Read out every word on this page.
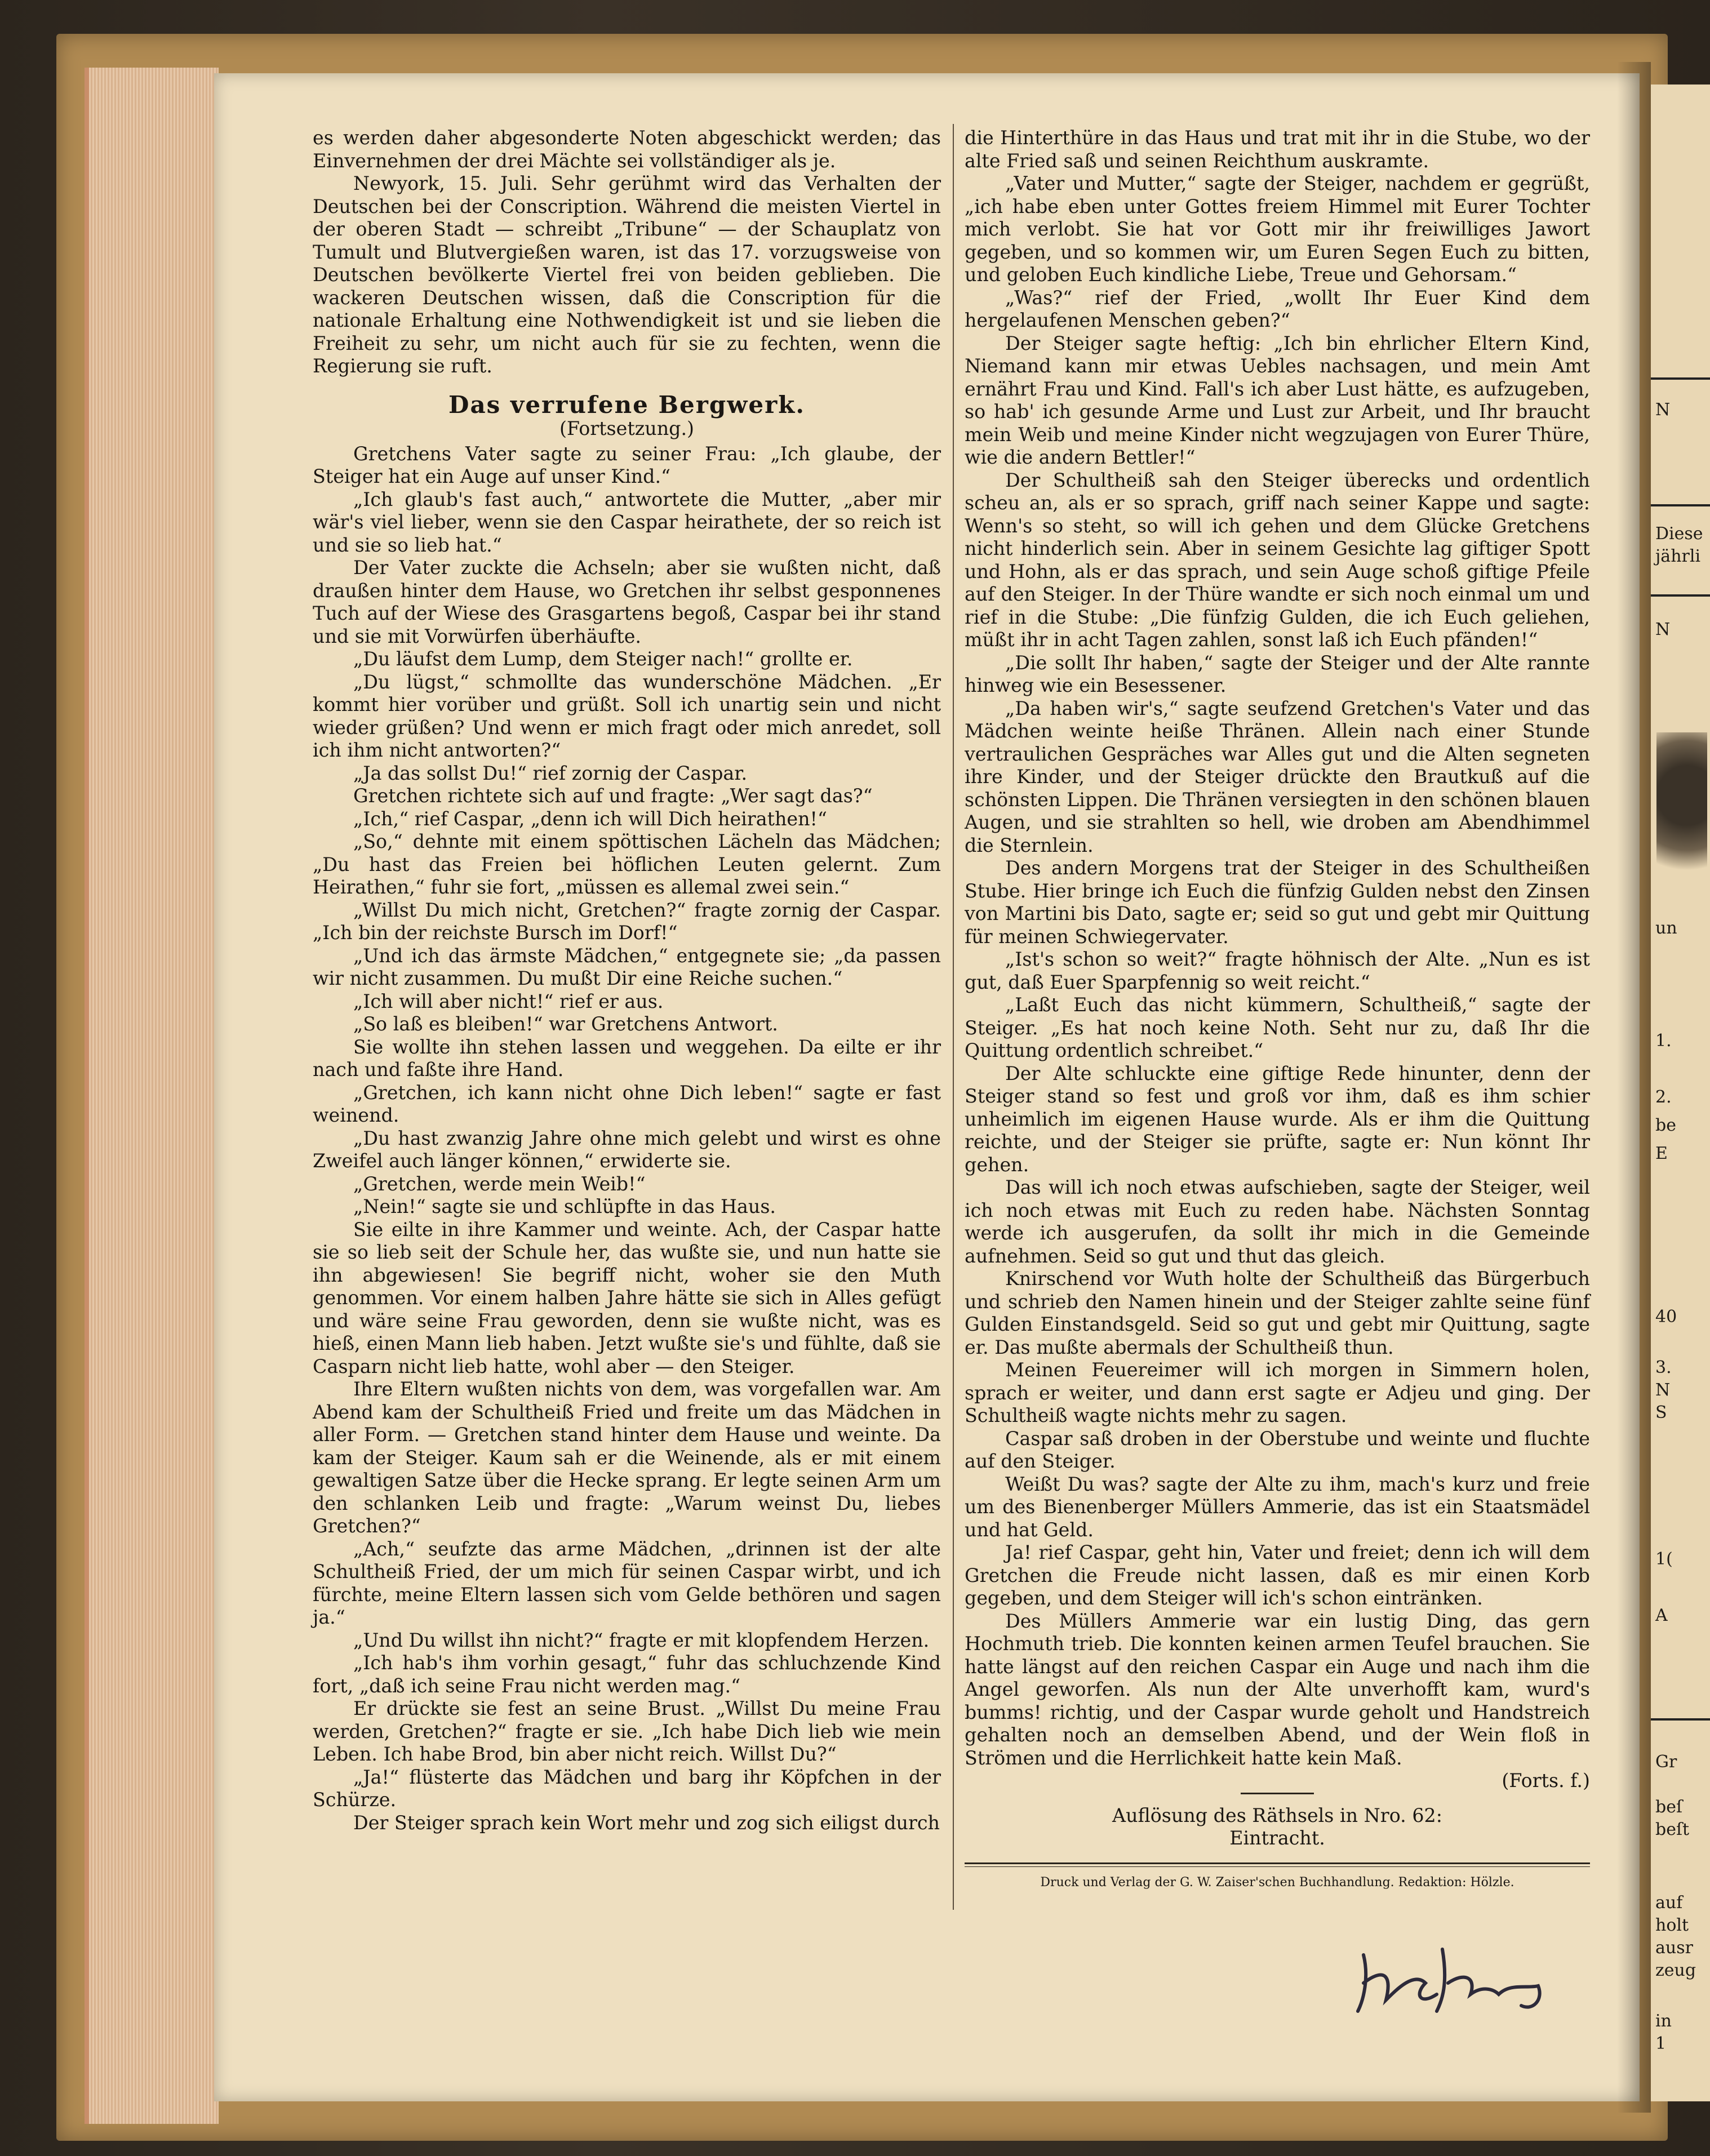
N
Diese
jährli
N
un
1.
2.
be
E
40
3.
N
S
1(
A
Gr
beſ
beſt
auf
holt
ausr
zeug
in
1

es werden daher abgesonderte Noten abgeschickt werden; das Einvernehmen der drei Mächte sei vollständiger als je.

Newyork, 15. Juli. Sehr gerühmt wird das Verhalten der Deutschen bei der Conscription. Während die meisten Viertel in der oberen Stadt — schreibt „Tribune“ — der Schauplatz von Tumult und Blutvergießen waren, ist das 17. vorzugsweise von Deutschen bevölkerte Viertel frei von beiden geblieben. Die wackeren Deutschen wissen, daß die Conscription für die nationale Erhaltung eine Nothwendigkeit ist und sie lieben die Freiheit zu sehr, um nicht auch für sie zu fechten, wenn die Regierung sie ruft.

Das verrufene Bergwerk.
(Fortsetzung.)

Gretchens Vater sagte zu seiner Frau: „Ich glaube, der Steiger hat ein Auge auf unser Kind.“

„Ich glaub's fast auch,“ antwortete die Mutter, „aber mir wär's viel lieber, wenn sie den Caspar heirathete, der so reich ist und sie so lieb hat.“

Der Vater zuckte die Achseln; aber sie wußten nicht, daß draußen hinter dem Hause, wo Gretchen ihr selbst gesponnenes Tuch auf der Wiese des Grasgartens begoß, Caspar bei ihr stand und sie mit Vorwürfen überhäufte.

„Du läufst dem Lump, dem Steiger nach!“ grollte er.

„Du lügst,“ schmollte das wunderschöne Mädchen. „Er kommt hier vorüber und grüßt. Soll ich unartig sein und nicht wieder grüßen? Und wenn er mich fragt oder mich anredet, soll ich ihm nicht antworten?“

„Ja das sollst Du!“ rief zornig der Caspar.

Gretchen richtete sich auf und fragte: „Wer sagt das?“

„Ich,“ rief Caspar, „denn ich will Dich heirathen!“

„So,“ dehnte mit einem spöttischen Lächeln das Mädchen; „Du hast das Freien bei höflichen Leuten gelernt. Zum Heirathen,“ fuhr sie fort, „müssen es allemal zwei sein.“

„Willst Du mich nicht, Gretchen?“ fragte zornig der Caspar. „Ich bin der reichste Bursch im Dorf!“

„Und ich das ärmste Mädchen,“ entgegnete sie; „da passen wir nicht zusammen. Du mußt Dir eine Reiche suchen.“

„Ich will aber nicht!“ rief er aus.

„So laß es bleiben!“ war Gretchens Antwort.

Sie wollte ihn stehen lassen und weggehen. Da eilte er ihr nach und faßte ihre Hand.

„Gretchen, ich kann nicht ohne Dich leben!“ sagte er fast weinend.

„Du hast zwanzig Jahre ohne mich gelebt und wirst es ohne Zweifel auch länger können,“ erwiderte sie.

„Gretchen, werde mein Weib!“

„Nein!“ sagte sie und schlüpfte in das Haus.

Sie eilte in ihre Kammer und weinte. Ach, der Caspar hatte sie so lieb seit der Schule her, das wußte sie, und nun hatte sie ihn abgewiesen! Sie begriff nicht, woher sie den Muth genommen. Vor einem halben Jahre hätte sie sich in Alles gefügt und wäre seine Frau geworden, denn sie wußte nicht, was es hieß, einen Mann lieb haben. Jetzt wußte sie's und fühlte, daß sie Casparn nicht lieb hatte, wohl aber — den Steiger.

Ihre Eltern wußten nichts von dem, was vorgefallen war. Am Abend kam der Schultheiß Fried und freite um das Mädchen in aller Form. — Gretchen stand hinter dem Hause und weinte. Da kam der Steiger. Kaum sah er die Weinende, als er mit einem gewaltigen Satze über die Hecke sprang. Er legte seinen Arm um den schlanken Leib und fragte: „Warum weinst Du, liebes Gretchen?“

„Ach,“ seufzte das arme Mädchen, „drinnen ist der alte Schultheiß Fried, der um mich für seinen Caspar wirbt, und ich fürchte, meine Eltern lassen sich vom Gelde bethören und sagen ja.“

„Und Du willst ihn nicht?“ fragte er mit klopfendem Herzen.

„Ich hab's ihm vorhin gesagt,“ fuhr das schluchzende Kind fort, „daß ich seine Frau nicht werden mag.“

Er drückte sie fest an seine Brust. „Willst Du meine Frau werden, Gretchen?“ fragte er sie. „Ich habe Dich lieb wie mein Leben. Ich habe Brod, bin aber nicht reich. Willst Du?“

„Ja!“ flüsterte das Mädchen und barg ihr Köpfchen in der Schürze.

Der Steiger sprach kein Wort mehr und zog sich eiligst durch

die Hinterthüre in das Haus und trat mit ihr in die Stube, wo der alte Fried saß und seinen Reichthum auskramte.

„Vater und Mutter,“ sagte der Steiger, nachdem er gegrüßt, „ich habe eben unter Gottes freiem Himmel mit Eurer Tochter mich verlobt. Sie hat vor Gott mir ihr freiwilliges Jawort gegeben, und so kommen wir, um Euren Segen Euch zu bitten, und geloben Euch kindliche Liebe, Treue und Gehorsam.“

„Was?“ rief der Fried, „wollt Ihr Euer Kind dem hergelaufenen Menschen geben?“

Der Steiger sagte heftig: „Ich bin ehrlicher Eltern Kind, Niemand kann mir etwas Uebles nachsagen, und mein Amt ernährt Frau und Kind. Fall's ich aber Lust hätte, es aufzugeben, so hab' ich gesunde Arme und Lust zur Arbeit, und Ihr braucht mein Weib und meine Kinder nicht wegzujagen von Eurer Thüre, wie die andern Bettler!“

Der Schultheiß sah den Steiger überecks und ordentlich scheu an, als er so sprach, griff nach seiner Kappe und sagte: Wenn's so steht, so will ich gehen und dem Glücke Gretchens nicht hinderlich sein. Aber in seinem Gesichte lag giftiger Spott und Hohn, als er das sprach, und sein Auge schoß giftige Pfeile auf den Steiger. In der Thüre wandte er sich noch einmal um und rief in die Stube: „Die fünfzig Gulden, die ich Euch geliehen, müßt ihr in acht Tagen zahlen, sonst laß ich Euch pfänden!“

„Die sollt Ihr haben,“ sagte der Steiger und der Alte rannte hinweg wie ein Besessener.

„Da haben wir's,“ sagte seufzend Gretchen's Vater und das Mädchen weinte heiße Thränen. Allein nach einer Stunde vertraulichen Gespräches war Alles gut und die Alten segneten ihre Kinder, und der Steiger drückte den Brautkuß auf die schönsten Lippen. Die Thränen versiegten in den schönen blauen Augen, und sie strahlten so hell, wie droben am Abendhimmel die Sternlein.

Des andern Morgens trat der Steiger in des Schultheißen Stube. Hier bringe ich Euch die fünfzig Gulden nebst den Zinsen von Martini bis Dato, sagte er; seid so gut und gebt mir Quittung für meinen Schwiegervater.

„Ist's schon so weit?“ fragte höhnisch der Alte. „Nun es ist gut, daß Euer Sparpfennig so weit reicht.“

„Laßt Euch das nicht kümmern, Schultheiß,“ sagte der Steiger. „Es hat noch keine Noth. Seht nur zu, daß Ihr die Quittung ordentlich schreibet.“

Der Alte schluckte eine giftige Rede hinunter, denn der Steiger stand so fest und groß vor ihm, daß es ihm schier unheimlich im eigenen Hause wurde. Als er ihm die Quittung reichte, und der Steiger sie prüfte, sagte er: Nun könnt Ihr gehen.

Das will ich noch etwas aufschieben, sagte der Steiger, weil ich noch etwas mit Euch zu reden habe. Nächsten Sonntag werde ich ausgerufen, da sollt ihr mich in die Gemeinde aufnehmen. Seid so gut und thut das gleich.

Knirschend vor Wuth holte der Schultheiß das Bürgerbuch und schrieb den Namen hinein und der Steiger zahlte seine fünf Gulden Einstandsgeld. Seid so gut und gebt mir Quittung, sagte er. Das mußte abermals der Schultheiß thun.

Meinen Feuereimer will ich morgen in Simmern holen, sprach er weiter, und dann erst sagte er Adjeu und ging. Der Schultheiß wagte nichts mehr zu sagen.

Caspar saß droben in der Oberstube und weinte und fluchte auf den Steiger.

Weißt Du was? sagte der Alte zu ihm, mach's kurz und freie um des Bienenberger Müllers Ammerie, das ist ein Staatsmädel und hat Geld.

Ja! rief Caspar, geht hin, Vater und freiet; denn ich will dem Gretchen die Freude nicht lassen, daß es mir einen Korb gegeben, und dem Steiger will ich's schon eintränken.

Des Müllers Ammerie war ein lustig Ding, das gern Hochmuth trieb. Die konnten keinen armen Teufel brauchen. Sie hatte längst auf den reichen Caspar ein Auge und nach ihm die Angel geworfen. Als nun der Alte unverhofft kam, wurd's bumms! richtig, und der Caspar wurde geholt und Handstreich gehalten noch an demselben Abend, und der Wein floß in Strömen und die Herrlichkeit hatte kein Maß.

(Forts. f.)

Auflösung des Räthsels in Nro. 62:
Eintracht.
Druck und Verlag der G. W. Zaiser'schen Buchhandlung. Redaktion: Hölzle.
